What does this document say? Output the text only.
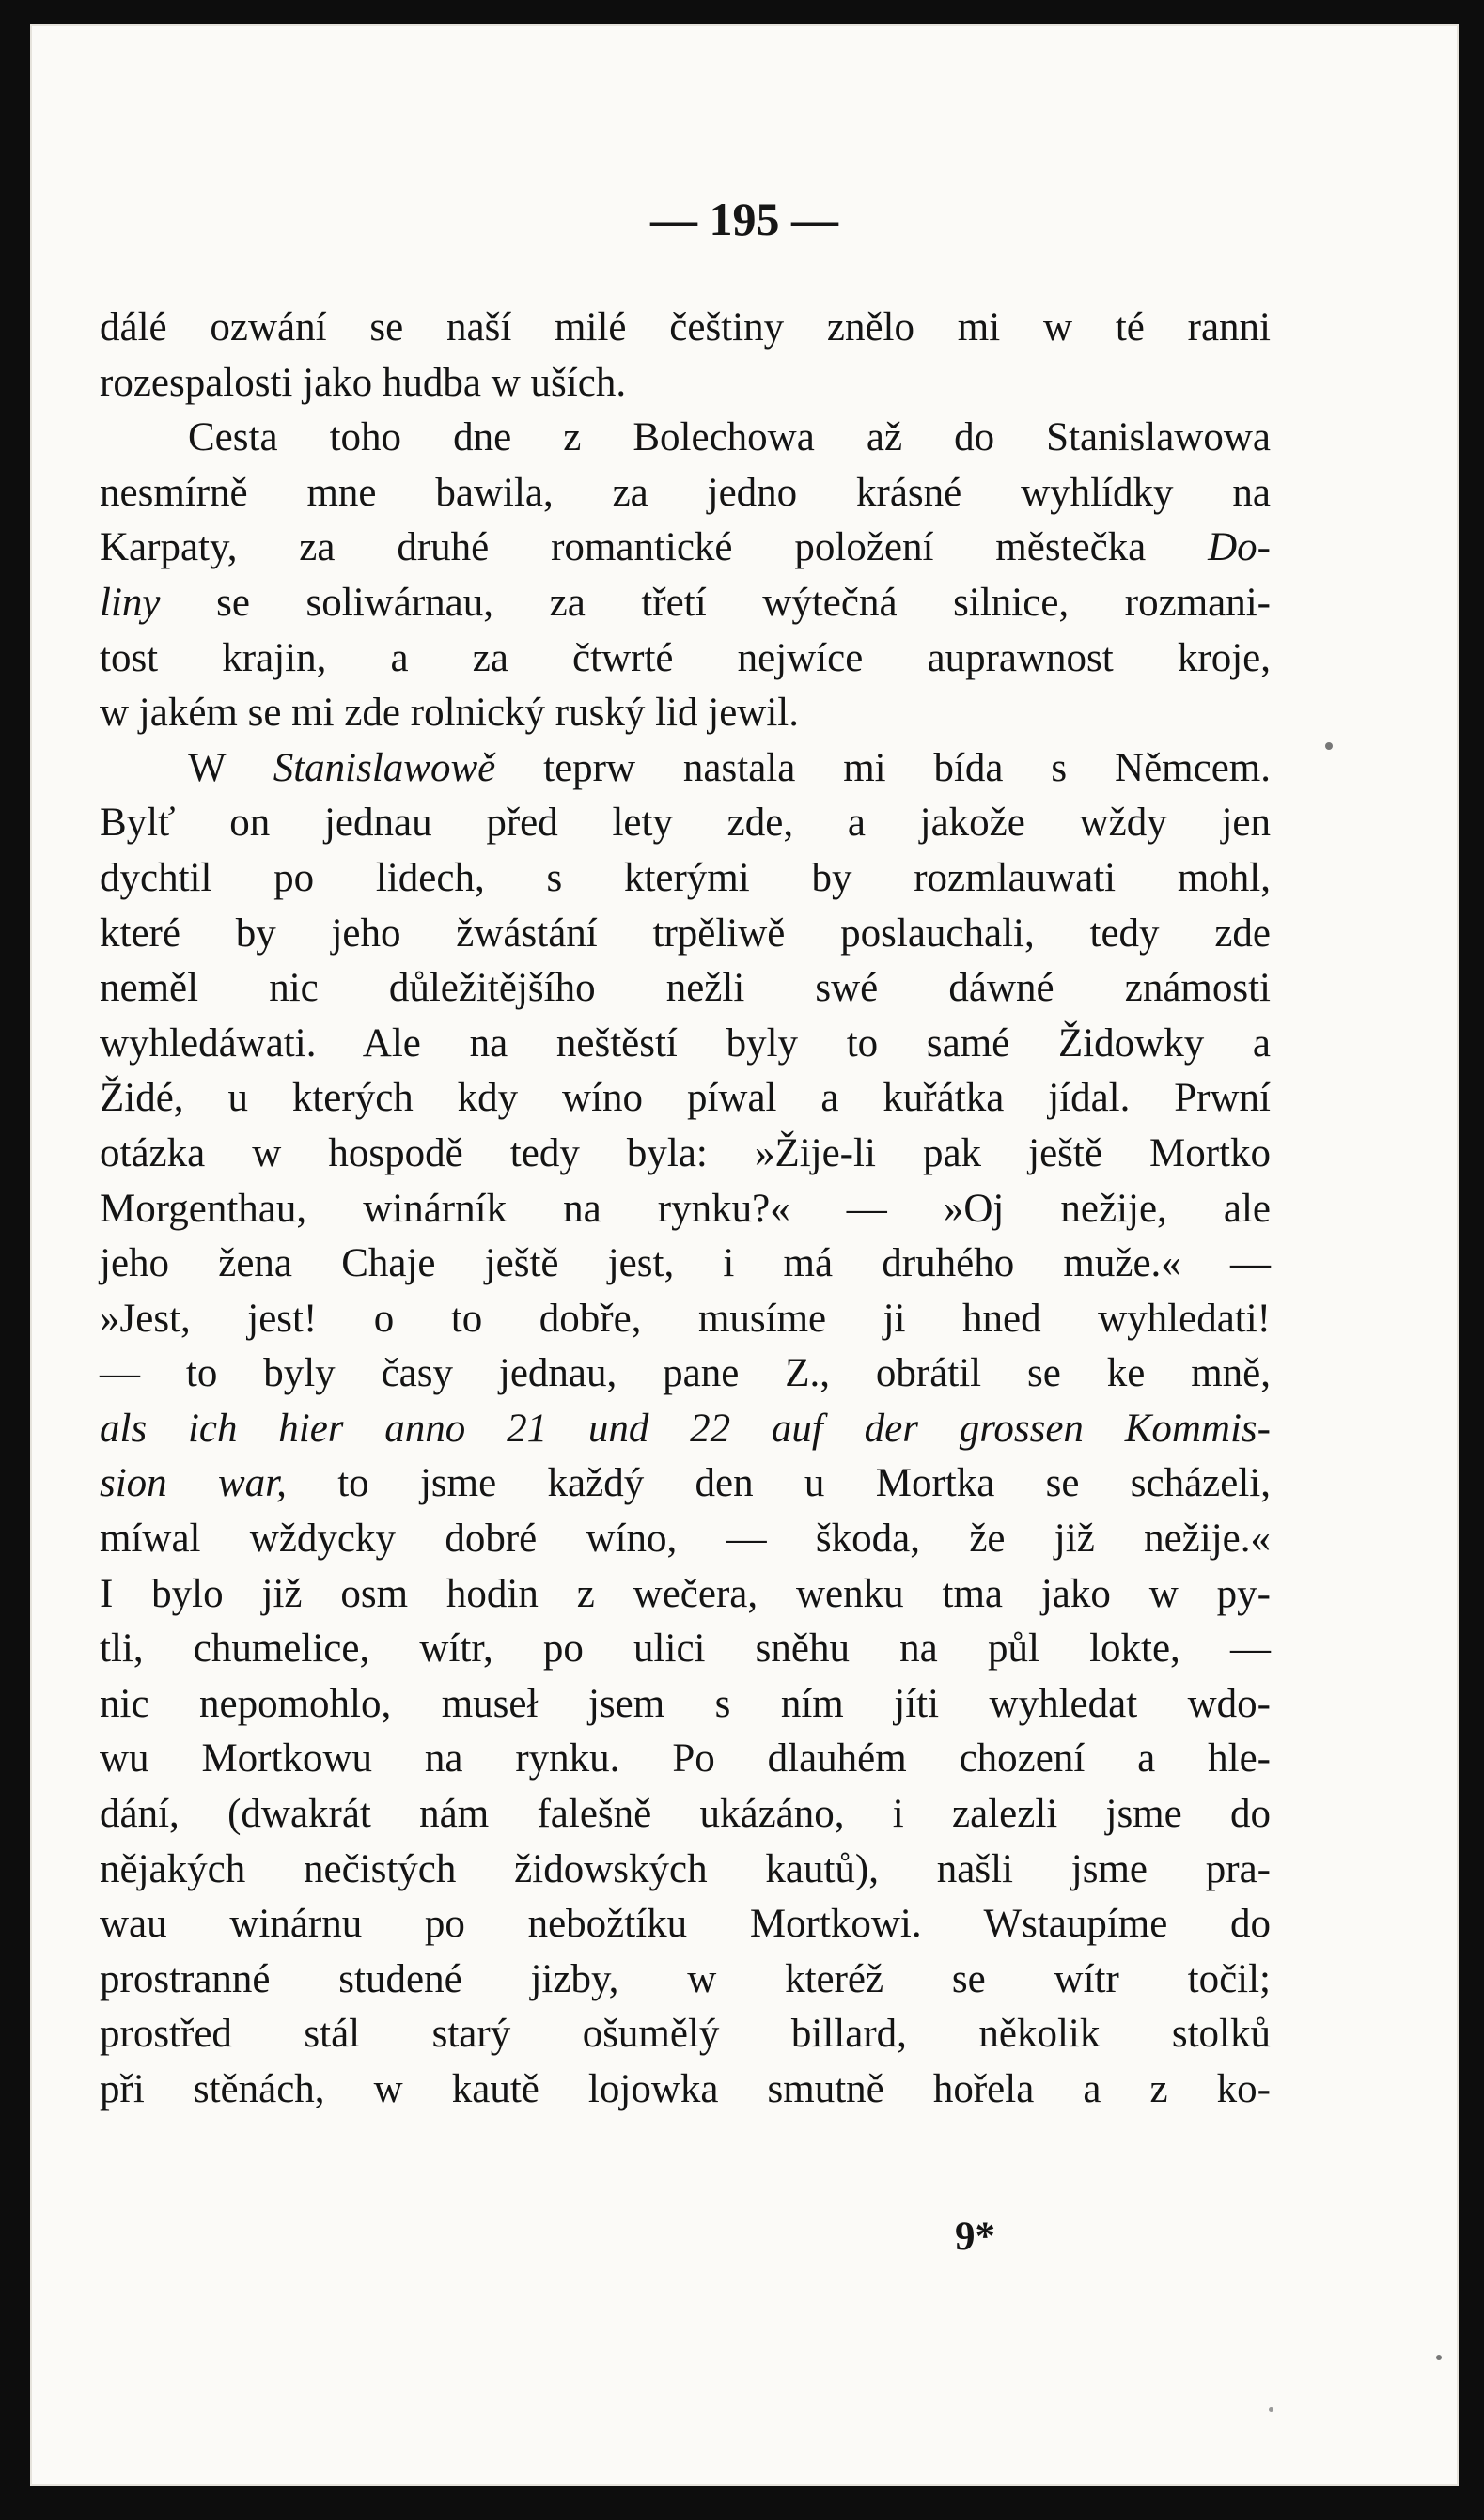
— 195 —
dálé ozwání se naší milé češtiny znělo mi w té ranni
rozespalosti jako hudba w uších.
Cesta toho dne z Bolechowa až do Stanislawowa
nesmírně mne bawila, za jedno krásné wyhlídky na
Karpaty, za druhé romantické položení městečka Do-
liny se soliwárnau, za třetí wýtečná silnice, rozmani-
tost krajin, a za čtwrté nejwíce auprawnost kroje,
w jakém se mi zde rolnický ruský lid jewil.
W Stanislawowě teprw nastala mi bída s Němcem.
Bylť on jednau před lety zde, a jakože wždy jen
dychtil po lidech, s kterými by rozmlauwati mohl,
které by jeho žwástání trpěliwě poslauchali, tedy zde
neměl nic důležitějšího nežli swé dáwné známosti
wyhledáwati. Ale na neštěstí byly to samé Židowky a
Židé, u kterých kdy wíno píwal a kuřátka jídal. Prwní
otázka w hospodě tedy byla: »Žije-li pak ještě Mortko
Morgenthau, winárník na rynku?« — »Oj nežije, ale
jeho žena Chaje ještě jest, i má druhého muže.« —
»Jest, jest! o to dobře, musíme ji hned wyhledati!
— to byly časy jednau, pane Z., obrátil se ke mně,
als ich hier anno 21 und 22 auf der grossen Kommis-
sion war, to jsme každý den u Mortka se scházeli,
míwal wždycky dobré wíno, — škoda, že již nežije.«
I bylo již osm hodin z wečera, wenku tma jako w py-
tli, chumelice, wítr, po ulici sněhu na půl lokte, —
nic nepomohlo, museł jsem s ním jíti wyhledat wdo-
wu Mortkowu na rynku. Po dlauhém chození a hle-
dání, (dwakrát nám falešně ukázáno, i zalezli jsme do
nějakých nečistých židowských kautů), našli jsme pra-
wau winárnu po nebožtíku Mortkowi. Wstaupíme do
prostranné studené jizby, w kteréž se wítr točil;
prostřed stál starý ošumělý billard, několik stolků
při stěnách, w kautě lojowka smutně hořela a z ko-
9*
